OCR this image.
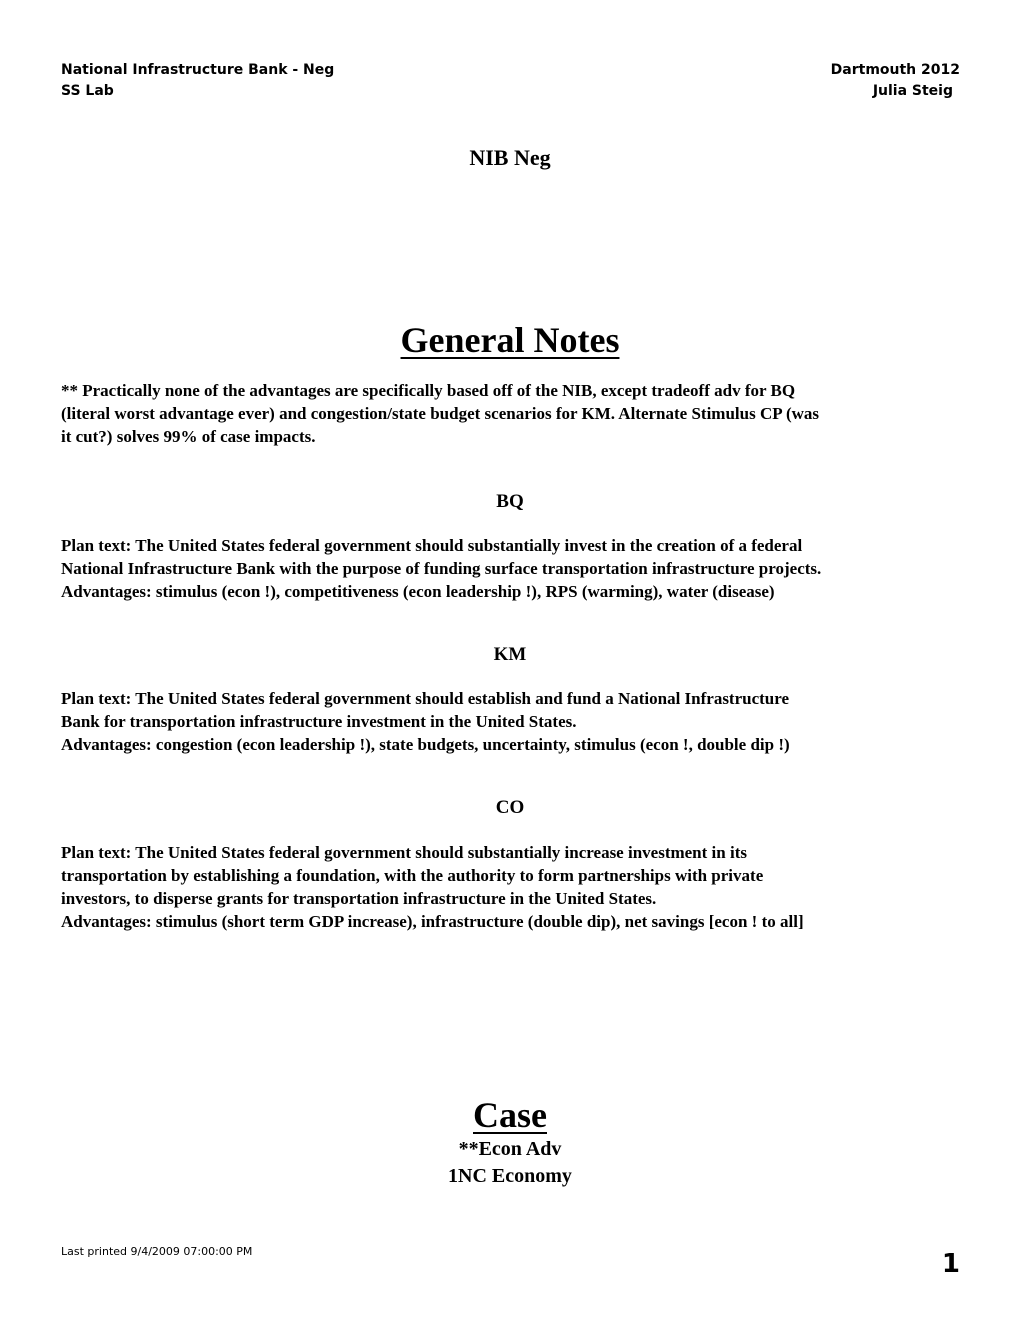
National Infrastructure Bank - Neg
SS Lab
Dartmouth 2012
Julia Steig
NIB Neg
General Notes
** Practically none of the advantages are specifically based off of the NIB, except tradeoff adv for BQ
(literal worst advantage ever) and congestion/state budget scenarios for KM. Alternate Stimulus CP (was
it cut?) solves 99% of case impacts.
BQ
Plan text: The United States federal government should substantially invest in the creation of a federal
National Infrastructure Bank with the purpose of funding surface transportation infrastructure projects.
Advantages: stimulus (econ !), competitiveness (econ leadership !), RPS (warming), water (disease)
KM
Plan text: The United States federal government should establish and fund a National Infrastructure
Bank for transportation infrastructure investment in the United States.
Advantages: congestion (econ leadership !), state budgets, uncertainty, stimulus (econ !, double dip !)
CO
Plan text: The United States federal government should substantially increase investment in its
transportation by establishing a foundation, with the authority to form partnerships with private
investors, to disperse grants for transportation infrastructure in the United States.
Advantages: stimulus (short term GDP increase), infrastructure (double dip), net savings [econ ! to all]
Case
**Econ Adv
1NC Economy
Last printed 9/4/2009 07:00:00 PM	1
